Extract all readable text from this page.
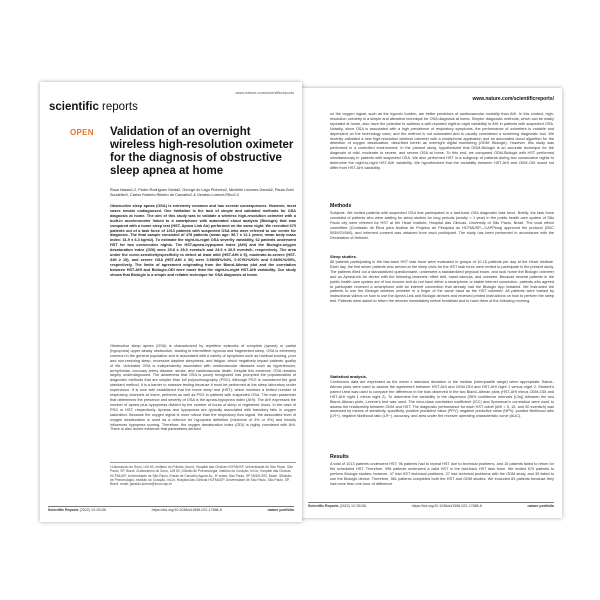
www.nature.com/scientificreports
scientific reports
OPEN Validation of an overnight wireless high-resolution oximeter for the diagnosis of obstructive sleep apnea at home
Rosa Hasan1,2, Pedro Rodrigues Genta2, George do Lago Pinheiro2, Michelle Louvoes Garcia2, Paula Gobi Scudeller2, Carlos Roberto Ribeiro de Carvalho2 & Geraldo Lorenzi-Filho2,3
Obstructive sleep apnea (OSA) is extremely common and has several consequences. However, most cases remain undiagnosed. One limitation is the lack of simple and validated methods for OSA diagnosis at home. The aim of this study was to validate a wireless high-resolution oximeter with a built-in accelerometer linked to a smartphone with automated cloud analysis (Biologix) that was compared with a home sleep test (HST, Apnea Link Air) performed on the same night. We recruited 670 patients out of a task force of 1013 patients with suspected OSA who were referred to our center for diagnosis. The final sample consisted of 478 patients (mean age: 56.7 ± 12.1 years; mean body mass index: 31.9 ± 6.3 kg/m2). To estimate the night-to-night OSA severity variability, 62 patients underwent HST for two consecutive nights. The HST-apnea-hypopnea index (AHI) and the Biologix-oxygen desaturation index (ODI) were 25.8 ± 25.0 events/h and 24.9 ± 26.5 events/h, respectively. The area under the curve-sensitivity/specificity to detect at least mild (HST-AHI ≥ 5), moderate-to-severe (HST-AHI ≥ 15), and severe OSA (HST-AHI ≥ 30) were 0.98/95%/94%, 0.97/91%/92% and 0.98/91%/95%, respectively. The limits of agreement originating from the Bland-Altman plot and the correlation between HST-AHI and Biologix-ODI were lower than the night-to-night HST-AHI variability. Our study shows that Biologix is a simple and reliable technique for OSA diagnosis at home.
Obstructive sleep apnea (OSA) is characterized by repetitive episodes of complete (apnea) or partial (hypopnea) upper airway obstruction, leading to intermittent hypoxia and fragmented sleep. OSA is extremely common in the general population and is associated with a variety of symptoms such as habitual snoring, poor and non-restoring sleep, excessive daytime sleepiness, and fatigue, which negatively impact patients' quality of life. Untreated OSA is independently associated with cardiovascular diseases such as hypertension, arrhythmias, coronary artery disease, stroke, and cardiovascular death. Despite this evidence, OSA remains largely underdiagnosed. The awareness that OSA is poorly recognized has prompted the popularization of diagnostic methods that are simpler than full polysomnography (PSG). Although PSG is considered the gold standard method, it is a barrier to massive testing because it must be performed at the sleep laboratory under supervision. It is now well established that the home sleep test (HST), which monitors a limited number of respiratory channels at home, performs as well as PSG in patients with suspected OSA. The main parameter that determines the presence and severity of OSA is the apnea-hypopnea index (AHI). The AHI expresses the number of apnea plus hypopneas divided by the number of hours of sleep or registered hours. In the case of PSG or HST, respectively. Apneas and hypopneas are typically associated with transitory falls in oxygen saturation. Because the oxygen signal is more robust than the respiratory flow signal, the associated level of oxygen desaturation is used as a criterion for hypopnea definition (minimum of 3% or 4%) and heavily influences hypopnea scoring. Therefore, the oxygen desaturation index (ODI) is highly correlated with AHI. There is also recent evidence that parameters derived
1Laboratorio do Sono, LIM 63, Instituto do Pulmão (Incor), Hospital das Clinicas HCFMUSP, Universidade de São Paulo, São Paulo, SP, Brazil. 2Laboratório do Sono, LIM 63, Divisão de Pneumologia, Instituto do Coração, InCor, Hospital das Clinicas HCFMUSP, Universidade de São Paulo, Eneas de Carvalho Aguiar Av., 8º andar, São Paulo, SP 05403-900, Brazil. 3Divisão de Pneumologia, Instituto do Coração, InCor, Hospital das Clinicas HCFMUSP, Universidade de São Paulo, São Paulo, SP, Brazil. email: geraldo.lorenzi@incor.usp.br
Scientific Reports (2022) 12:15136	https://doi.org/10.1038/s41598-022-17688-8	nature portfolio
www.nature.com/scientificreports/
on the oxygen signal, such as the hypoxic burden, are better predictors of cardiovascular mortality than AHI. In this context, high-resolution oximetry is a simple and attractive technique for OSA diagnosis at home. Simpler diagnostic methods, which can be easily repeated at home, also have the potential to address a well-reported night-to-night variability in AHI in patients with suspected OSA. Notably, since OSA is associated with a high prevalence of respiratory symptoms, the performance of oximeters is variable and dependent on the technology used, and the method is not automated and is usually considered a screening diagnostic tool. We recently validated a new high-resolution wireless oximeter with a smartphone application and an automated cloud algorithm for the detection of oxygen desaturation, described herein as overnight digital monitoring (ODM; Biologix). However, this study was performed in a controlled environment. In the present study, hypothesized that ODM-Biologix is an accurate technique for the diagnosis of mild, moderate to severe, and severe OSA at home. To this end, we compared ODM-Biologix with HST performed simultaneously in patients with suspected OSA. We also performed HST in a subgroup of patients during two consecutive nights to determine the night-to-night HST-AHI variability. We hypothesized that the variability between HST-AHI and ODM-ODI would not differ from HST-AHI variability.
Methods
Subjects. We invited patients with suspected OSA that participated in a fast-track OSA diagnostic task force. Briefly, the task force consisted of patients who were waiting for sleep studies for long periods (mostly > 1 year) in the public health care system of São Paulo city were referred for HST at the Heart Institute, Hospital das Clinicas, University of São Paulo, Brazil. The local ethics committee (Comissão de Ética para Análise de Projetos de Pesquisa do HCFMUSP—CAPPesq) approved the protocol (SDC 5059/20/060), and informed consent was obtained from each participant. The study has been performed in accordance with the Declaration of Helsinki.
Sleep studies.
All patients participating in the fast-track HST task force were evaluated in groups of 10-15 patients per day at the Heart Institute. Each day, the first seven patients who arrived at the sleep clinic for the HST task force were invited to participate in the present study. The patients filled out a standardized questionnaire, underwent a standardized physical exam, and took home the Biologix oximeter and an ApneaLink Air device with the following channels: effort belt, nasal cannula, and oximeter. Because several patients in the public health care system are of low income and do not have either a smartphone or stable internet connection, patients who agreed to participate received a smartphone with an internet connection that already had the Biologix App installed. We instructed the patients to use the Biologix wireless oximeter in a finger of the same hand as the HST oximeter. All patients were trained by instructional videos on how to use the Apnea Link and Biologix devices and received printed instructions on how to perform the sleep test. Patients were asked to return the devices immediately before breakfast and to have them of the following morning.
Statistical analysis.
Continuous data are expressed as the mean ± standard deviation or the median (interquartile range) when appropriate. Bland–Altman plots were used to assess the agreement between HST-AHI and ODM-ODI and HST-AHI night 1 versus night 2. Student's paired t-test was used to compare the difference in the bias observed in the two Bland–Altman plots (HST-AHI minus ODM-ODI and HST-AHI night 1 minus night 2). To determine the variability in the dispersion (95% confidence intervals (CIs)) between the two Bland–Altman plots, Levene's test was used. The intra-class correlation coefficient (ICC) and Spearman's correlation were used to assess the relationship between ODM and HST. The diagnostic performance for each HST cutoff (AHI = 5, 15, and 30 events/h) was assessed by means of sensitivity, specificity, positive predictive value (PPV), negative predictive value (NPV), positive likelihood ratio (LR+), negative likelihood ratio (LR−), accuracy, and area under the receiver operating characteristic curve (AUC).
Results
A total of 1013 patients underwent HST; 96 patients had to repeat HST due to technical problems, and 15 patients failed to return for the scheduled HST. Therefore, 998 patients underwent a valid HST in the fast-track HST task force. We invited 670 patients to perform Biologix studies; however, 47 had HST technical problems, 27 had technical problems with the ODM study, and 35 failed to use the Biologix device. Therefore, 561 patients completed both the HST and ODM studies. We excluded 83 patients because they had more than one hour of difference
Scientific Reports (2022) 12:15136	https://doi.org/10.1038/s41598-022-17688-8	nature portfolio
